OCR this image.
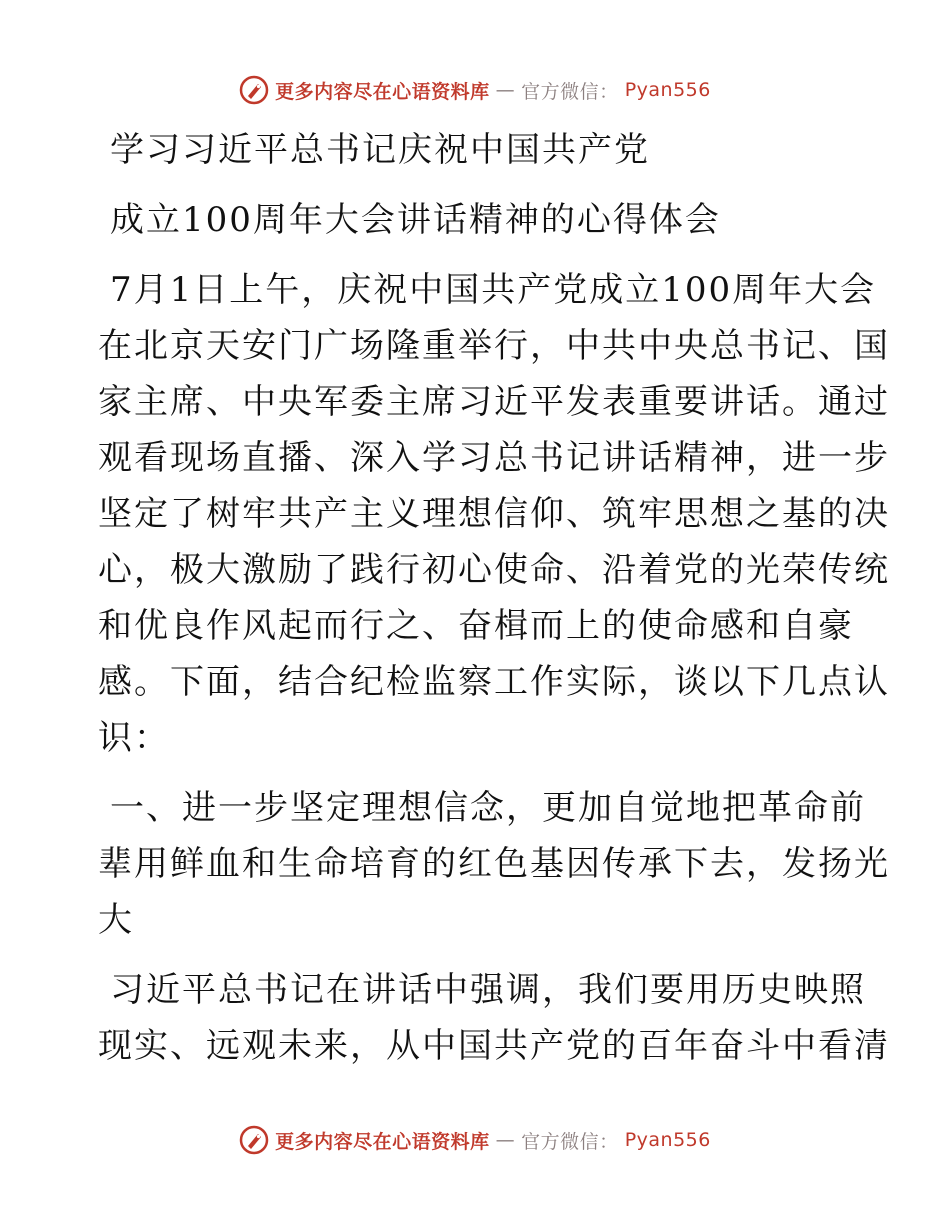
更多内容尽在心语资料库 — 官方微信： Pyan556
学习习近平总书记庆祝中国共产党
成立100周年大会讲话精神的心得体会
7月1日上午，庆祝中国共产党成立100周年大会
在北京天安门广场隆重举行，中共中央总书记、国
家主席、中央军委主席习近平发表重要讲话。通过
观看现场直播、深入学习总书记讲话精神，进一步
坚定了树牢共产主义理想信仰、筑牢思想之基的决
心，极大激励了践行初心使命、沿着党的光荣传统
和优良作风起而行之、奋楫而上的使命感和自豪
感。下面，结合纪检监察工作实际，谈以下几点认
识：
一、进一步坚定理想信念，更加自觉地把革命前
辈用鲜血和生命培育的红色基因传承下去，发扬光
大
习近平总书记在讲话中强调，我们要用历史映照
现实、远观未来，从中国共产党的百年奋斗中看清
更多内容尽在心语资料库 — 官方微信： Pyan556
